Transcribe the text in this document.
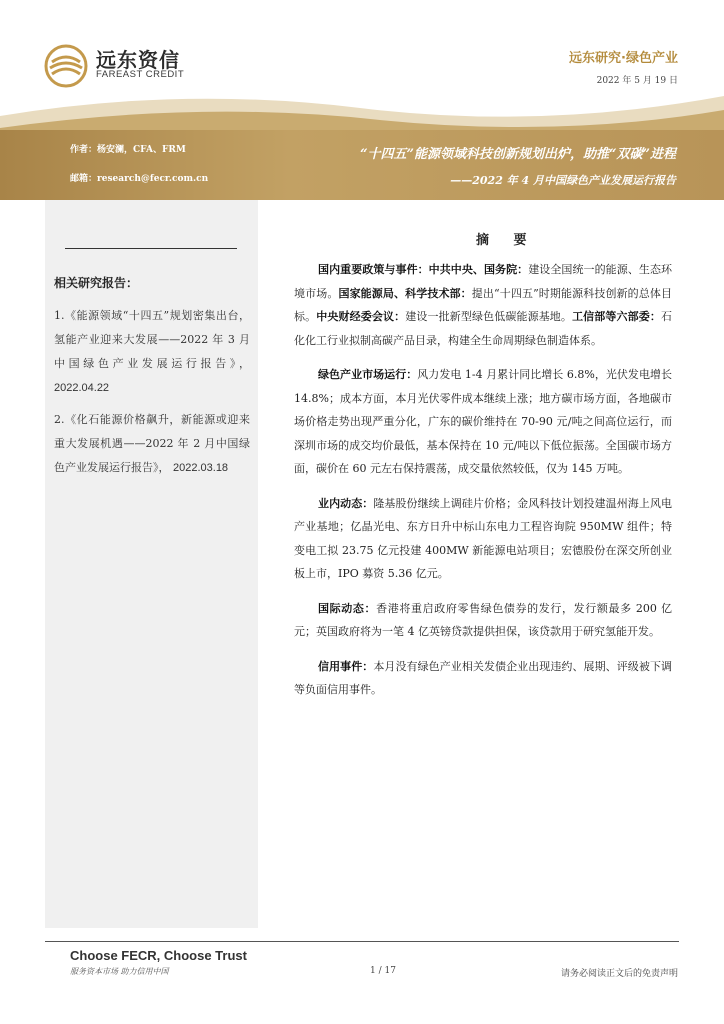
远东资信
FAREAST CREDIT
远东研究·绿色产业
2022 年 5 月 19 日
作者：杨安澜，CFA、FRM
邮箱：research@fecr.com.cn
“十四五”能源领域科技创新规划出炉，助推“双碳”进程
——2022 年 4 月中国绿色产业发展运行报告
相关研究报告：
1.《能源领域“十四五”规划密集出台，氢能产业迎来大发展——2022 年 3 月中国绿色产业发展运行报告》， 2022.04.22
2.《化石能源价格飙升，新能源或迎来重大发展机遇——2022 年 2 月中国绿色产业发展运行报告》， 2022.03.18
摘 要

国内重要政策与事件：中共中央、国务院：建设全国统一的能源、生态环境市场。国家能源局、科学技术部：提出“十四五”时期能源科技创新的总体目标。中央财经委会议：建设一批新型绿色低碳能源基地。工信部等六部委：石化化工行业拟制高碳产品目录，构建全生命周期绿色制造体系。

绿色产业市场运行：风力发电 1-4 月累计同比增长 6.8%，光伏发电增长 14.8%；成本方面，本月光伏零件成本继续上涨；地方碳市场方面，各地碳市场价格走势出现严重分化，广东的碳价维持在 70-90 元/吨之间高位运行，而深圳市场的成交均价最低，基本保持在 10 元/吨以下低位振荡。全国碳市场方面，碳价在 60 元左右保持震荡，成交量依然较低，仅为 145 万吨。

业内动态：隆基股份继续上调硅片价格；金风科技计划投建温州海上风电产业基地；亿晶光电、东方日升中标山东电力工程咨询院 950MW 组件；特变电工拟 23.75 亿元投建 400MW 新能源电站项目；宏德股份在深交所创业板上市，IPO 募资 5.36 亿元。

国际动态：香港将重启政府零售绿色债券的发行，发行额最多 200 亿元；英国政府将为一笔 4 亿英镑贷款提供担保，该贷款用于研究氢能开发。

信用事件：本月没有绿色产业相关发债企业出现违约、展期、评级被下调等负面信用事件。

Choose FECR, Choose Trust
服务资本市场 助力信用中国	1 / 17	请务必阅读正文后的免责声明
